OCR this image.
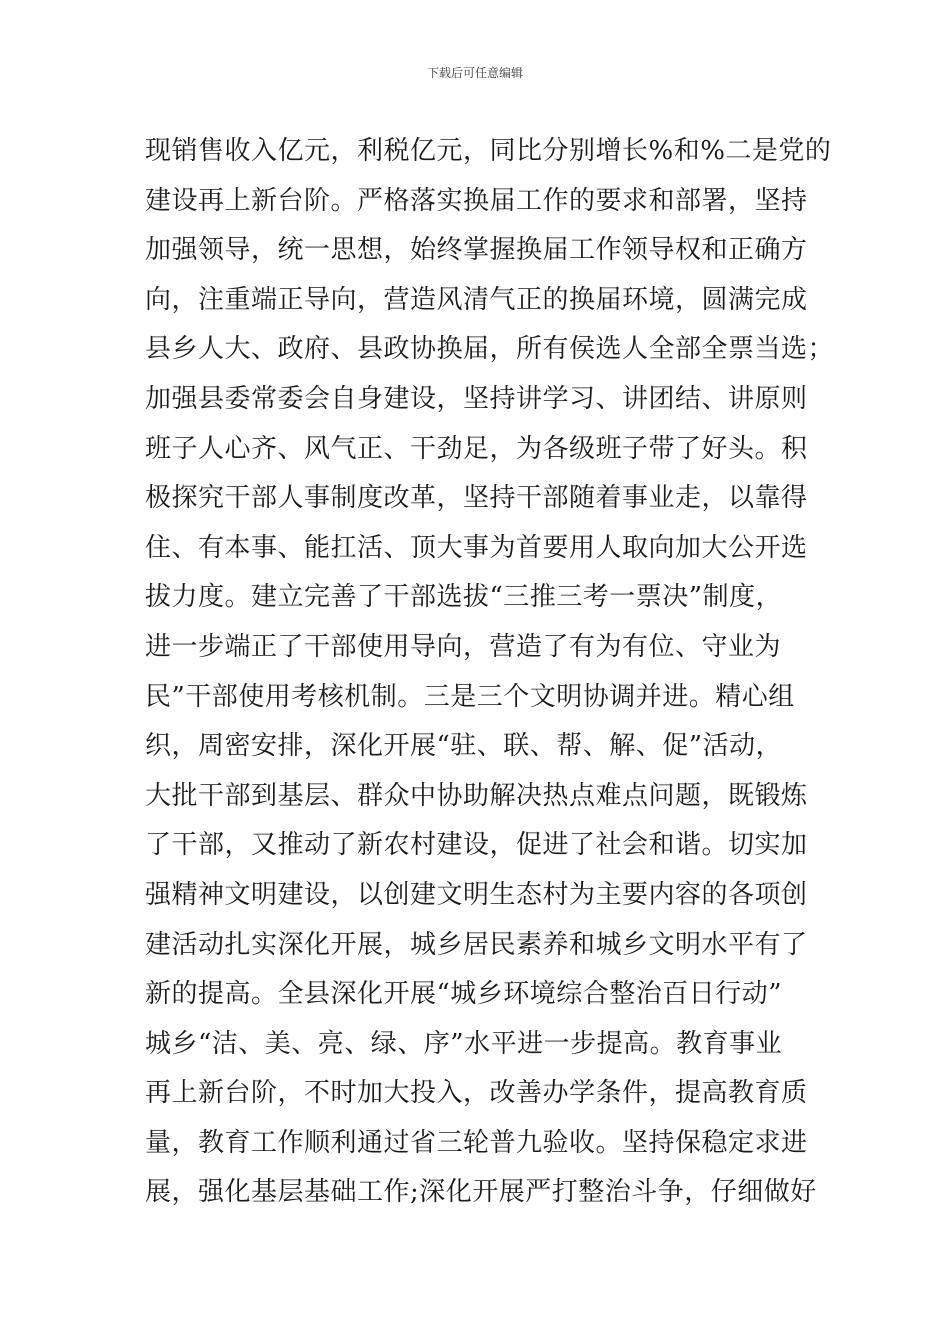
下载后可任意编辑
现销售收入亿元，利税亿元，同比分别增长%和%二是党的
建设再上新台阶。严格落实换届工作的要求和部署，坚持
加强领导，统一思想，始终掌握换届工作领导权和正确方
向，注重端正导向，营造风清气正的换届环境，圆满完成
县乡人大、政府、县政协换届，所有侯选人全部全票当选；
加强县委常委会自身建设，坚持讲学习、讲团结、讲原则
班子人心齐、风气正、干劲足，为各级班子带了好头。积
极探究干部人事制度改革，坚持干部随着事业走，以靠得
住、有本事、能扛活、顶大事为首要用人取向加大公开选
拔力度。建立完善了干部选拔“三推三考一票决”制度，
进一步端正了干部使用导向，营造了有为有位、守业为
民”干部使用考核机制。三是三个文明协调并进。精心组
织，周密安排，深化开展“驻、联、帮、解、促”活动，
大批干部到基层、群众中协助解决热点难点问题，既锻炼
了干部，又推动了新农村建设，促进了社会和谐。切实加
强精神文明建设，以创建文明生态村为主要内容的各项创
建活动扎实深化开展，城乡居民素养和城乡文明水平有了
新的提高。全县深化开展“城乡环境综合整治百日行动”
城乡“洁、美、亮、绿、序”水平进一步提高。教育事业
再上新台阶，不时加大投入，改善办学条件，提高教育质
量，教育工作顺利通过省三轮普九验收。坚持保稳定求进
展，强化基层基础工作;深化开展严打整治斗争，仔细做好
